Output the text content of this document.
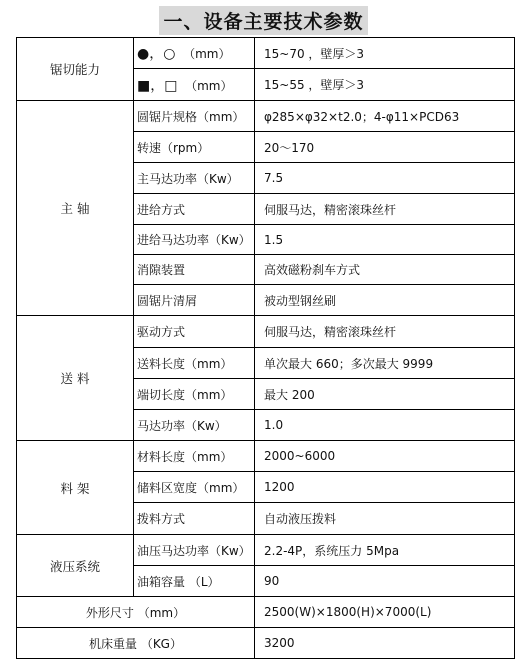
一、设备主要技术参数
锯切能力	●，○ （mm）	15~70 ，壁厚＞3
	■，□ （mm）	15~55 ，壁厚＞3
主 轴	圆锯片规格（mm）	φ285×φ32×t2.0；4-φ11×PCD63
	转速（rpm）	20～170
	主马达功率（Kw）	7.5
	进给方式	伺服马达，精密滚珠丝杆
	进给马达功率（Kw）	1.5
	消隙装置	高效磁粉刹车方式
	圆锯片清屑	被动型钢丝刷
送 料	驱动方式	伺服马达，精密滚珠丝杆
	送料长度（mm）	单次最大 660；多次最大 9999
	端切长度（mm）	最大 200
	马达功率（Kw）	1.0
料 架	材料长度（mm）	2000~6000
	储料区宽度（mm）	1200
	拨料方式	自动液压拨料
液压系统	油压马达功率（Kw）	2.2-4P，系统压力 5Mpa
	油箱容量 （L）	90
外形尺寸 （mm）		2500(W)×1800(H)×7000(L)
机床重量 （KG）		3200
